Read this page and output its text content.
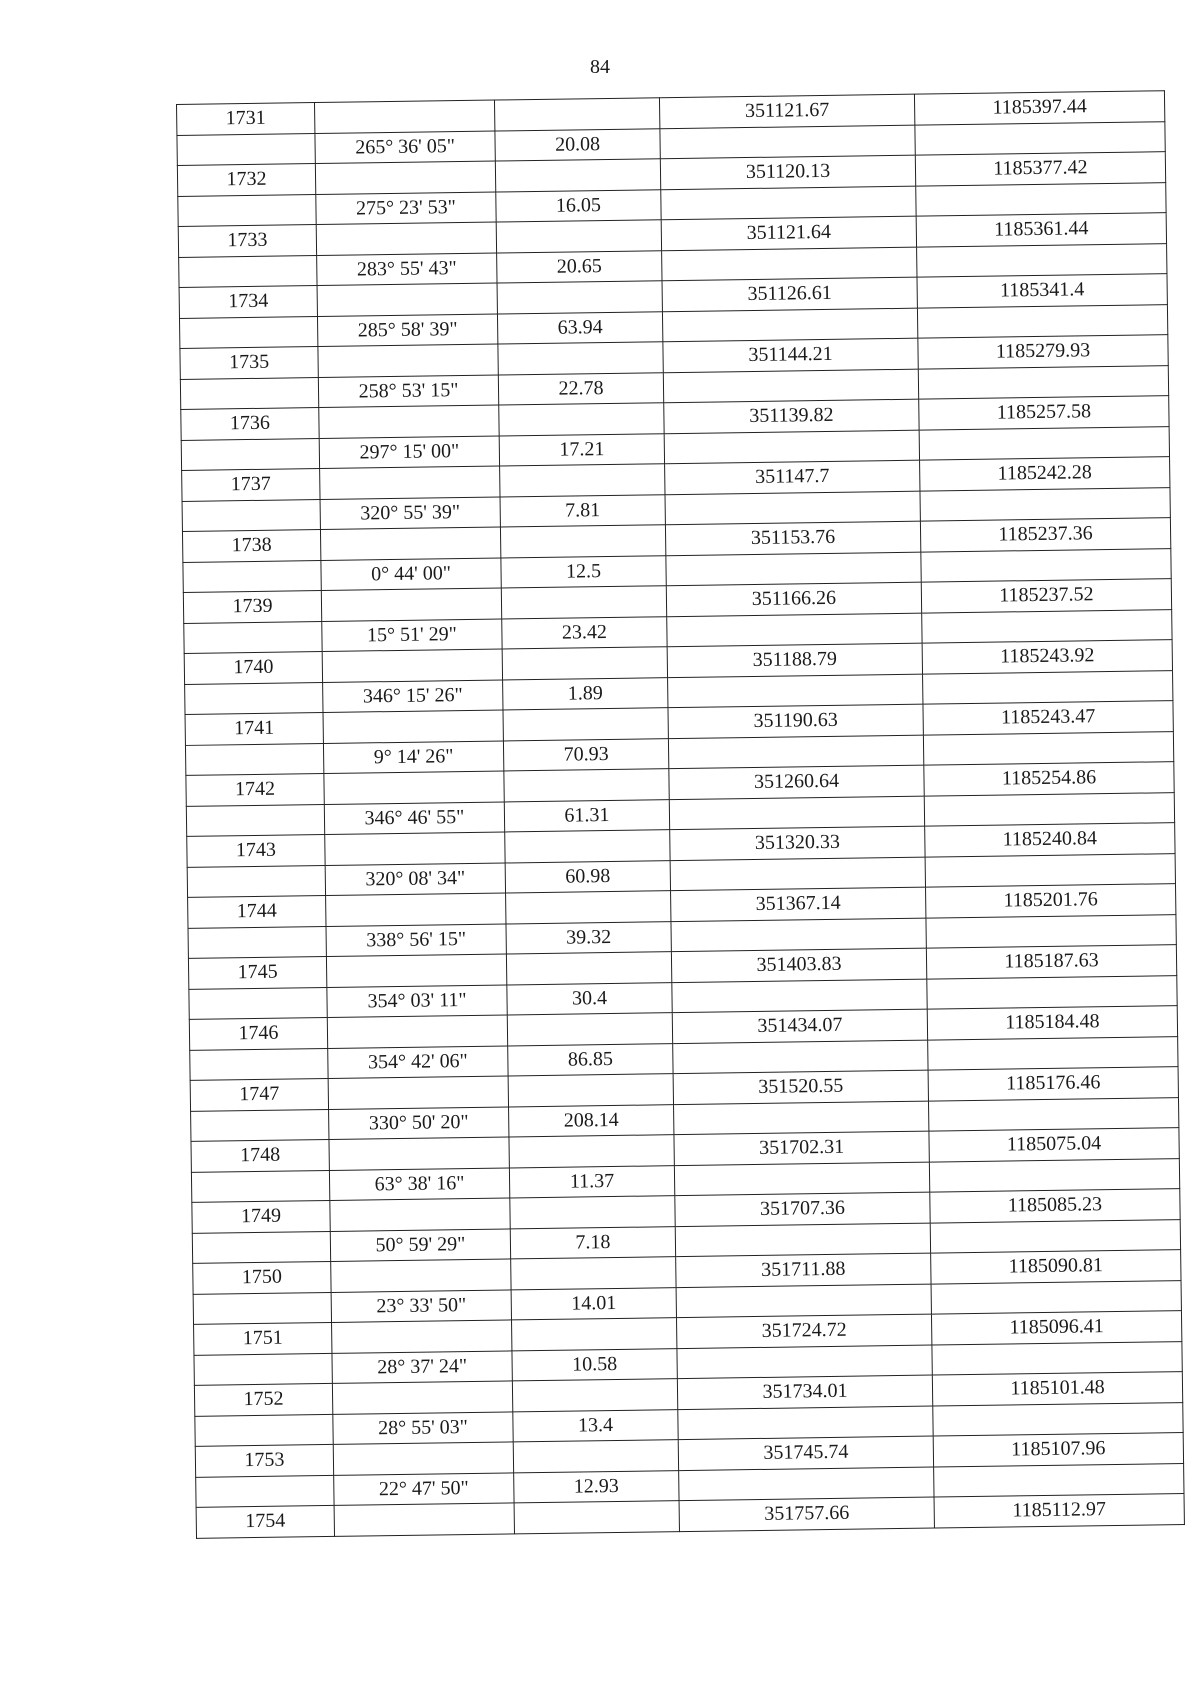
84
1731			351121.67	1185397.44
	265° 36' 05"	20.08		
1732			351120.13	1185377.42
	275° 23' 53"	16.05		
1733			351121.64	1185361.44
	283° 55' 43"	20.65		
1734			351126.61	1185341.4
	285° 58' 39"	63.94		
1735			351144.21	1185279.93
	258° 53' 15"	22.78		
1736			351139.82	1185257.58
	297° 15' 00"	17.21		
1737			351147.7	1185242.28
	320° 55' 39"	7.81		
1738			351153.76	1185237.36
	0° 44' 00"	12.5		
1739			351166.26	1185237.52
	15° 51' 29"	23.42		
1740			351188.79	1185243.92
	346° 15' 26"	1.89		
1741			351190.63	1185243.47
	9° 14' 26"	70.93		
1742			351260.64	1185254.86
	346° 46' 55"	61.31		
1743			351320.33	1185240.84
	320° 08' 34"	60.98		
1744			351367.14	1185201.76
	338° 56' 15"	39.32		
1745			351403.83	1185187.63
	354° 03' 11"	30.4		
1746			351434.07	1185184.48
	354° 42' 06"	86.85		
1747			351520.55	1185176.46
	330° 50' 20"	208.14		
1748			351702.31	1185075.04
	63° 38' 16"	11.37		
1749			351707.36	1185085.23
	50° 59' 29"	7.18		
1750			351711.88	1185090.81
	23° 33' 50"	14.01		
1751			351724.72	1185096.41
	28° 37' 24"	10.58		
1752			351734.01	1185101.48
	28° 55' 03"	13.4		
1753			351745.74	1185107.96
	22° 47' 50"	12.93		
1754			351757.66	1185112.97
